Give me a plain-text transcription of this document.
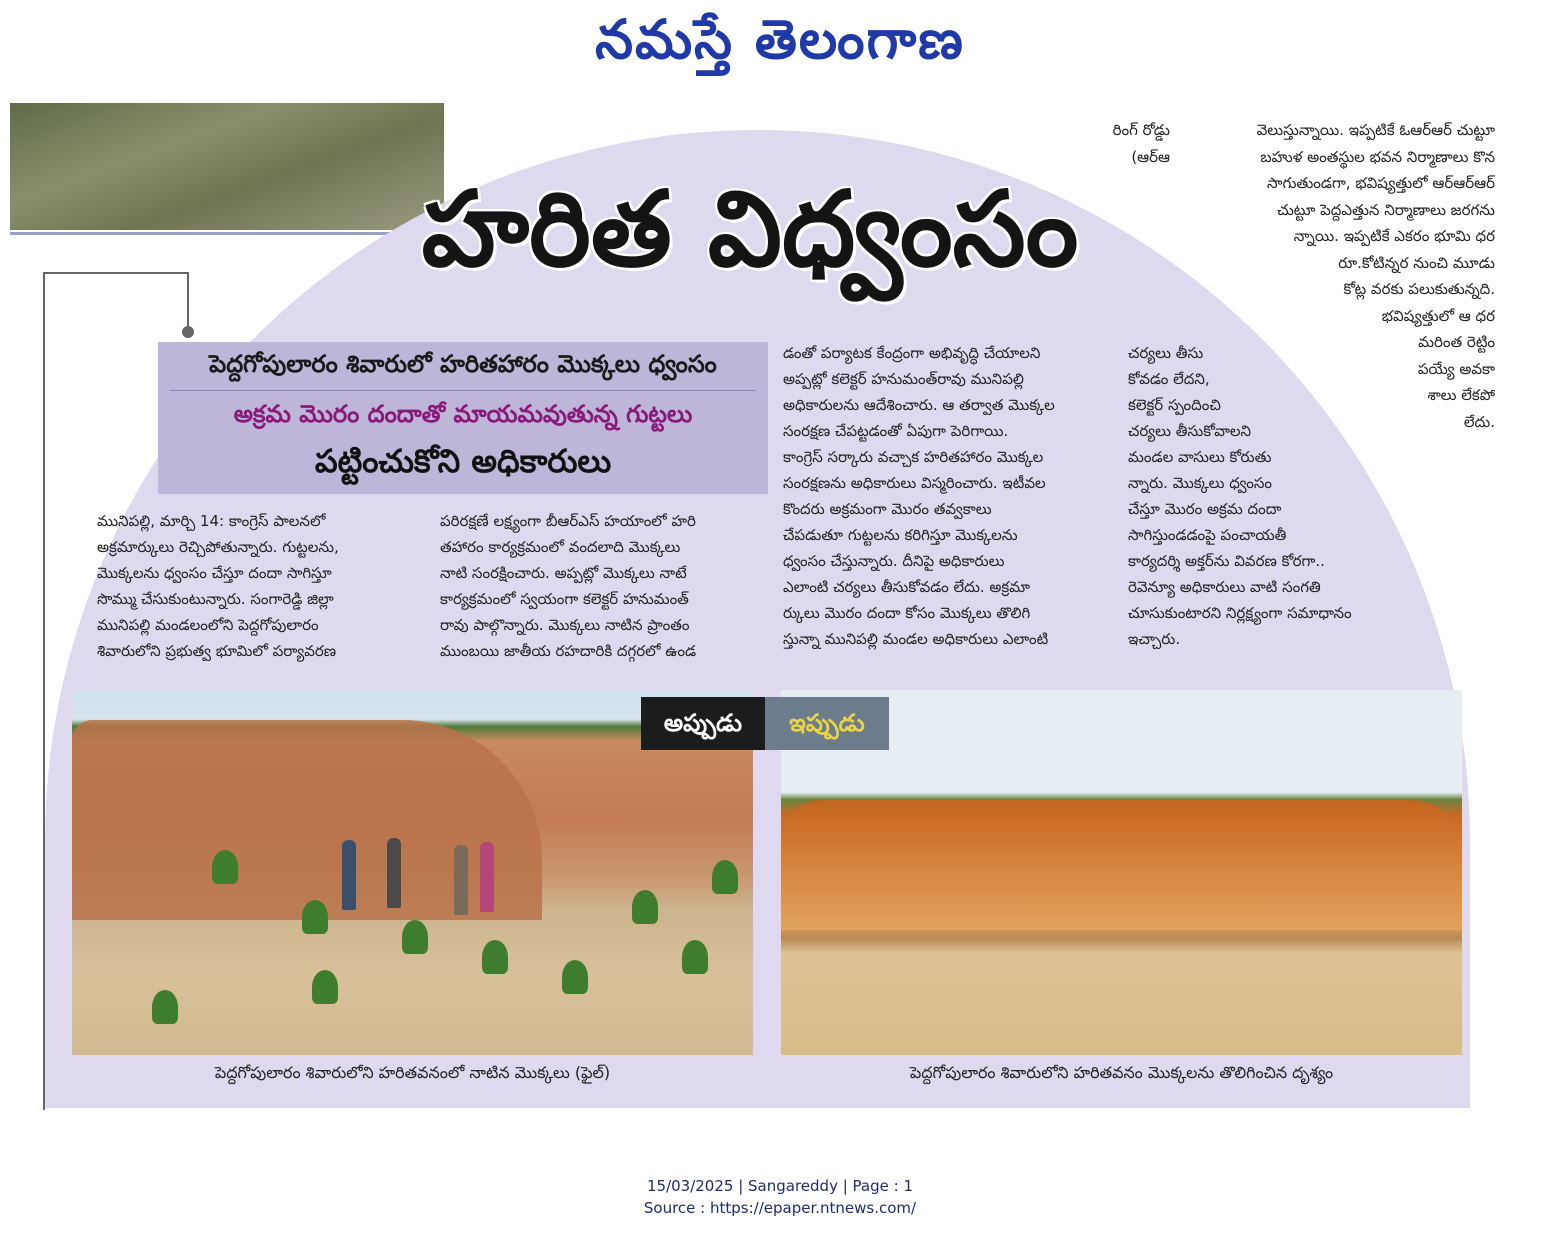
నమస్తే తెలంగాణ
రింగ్ రోడ్డు
(ఆర్‌ఆ
వెలుస్తున్నాయి. ఇప్పటికే ఓఆర్‌ఆర్ చుట్టూ
బహుళ అంతస్థుల భవన నిర్మాణాలు కొన
సాగుతుండగా, భవిష్యత్తులో ఆర్‌ఆర్‌ఆర్
చుట్టూ పెద్దఎత్తున నిర్మాణాలు జరగను
న్నాయి. ఇప్పటికే ఎకరం భూమి ధర
రూ.కోటిన్నర నుంచి మూడు
కోట్ల వరకు పలుకుతున్నది.
భవిష్యత్తులో ఆ ధర
మరింత రెట్టిం
పయ్యే అవకా
శాలు లేకపో
లేదు.
హరిత విధ్వంసం
పెద్దగోపులారం శివారులో హరితహారం మొక్కలు ధ్వంసం
అక్రమ మొరం దందాతో మాయమవుతున్న గుట్టలు
పట్టించుకోని అధికారులు
మునిపల్లి, మార్చి 14: కాంగ్రెస్ పాలనలో
అక్రమార్కులు రెచ్చిపోతున్నారు. గుట్టలను,
మొక్కలను ధ్వంసం చేస్తూ దందా సాగిస్తూ
సొమ్ము చేసుకుంటున్నారు. సంగారెడ్డి జిల్లా
మునిపల్లి మండలంలోని పెద్దగోపులారం
శివారులోని ప్రభుత్వ భూమిలో పర్యావరణ
పరిరక్షణే లక్ష్యంగా బీఆర్‌ఎస్ హయాంలో హరి
తహారం కార్యక్రమంలో వందలాది మొక్కలు
నాటి సంరక్షించారు. అప్పట్లో మొక్కలు నాటే
కార్యక్రమంలో స్వయంగా కలెక్టర్ హనుమంత్
రావు పాల్గొన్నారు. మొక్కలు నాటిన ప్రాంతం
ముంబయి జాతీయ రహదారికి దగ్గరలో ఉండ
డంతో పర్యాటక కేంద్రంగా అభివృద్ధి చేయాలని
అప్పట్లో కలెక్టర్ హనుమంత్‌రావు మునిపల్లి
అధికారులను ఆదేశించారు. ఆ తర్వాత మొక్కల
సంరక్షణ చేపట్టడంతో ఏపుగా పెరిగాయి.
కాంగ్రెస్ సర్కారు వచ్చాక హరితహారం మొక్కల
సంరక్షణను అధికారులు విస్మరించారు. ఇటీవల
కొందరు అక్రమంగా మొరం తవ్వకాలు
చేపడుతూ గుట్టలను కరిగిస్తూ మొక్కలను
ధ్వంసం చేస్తున్నారు. దీనిపై అధికారులు
ఎలాంటి చర్యలు తీసుకోవడం లేదు. అక్రమా
ర్కులు మొరం దందా కోసం మొక్కలు తొలిగి
స్తున్నా మునిపల్లి మండల అధికారులు ఎలాంటి
చర్యలు తీసు
కోవడం లేదని,
కలెక్టర్ స్పందించి
చర్యలు తీసుకోవాలని
మండల వాసులు కోరుతు
న్నారు. మొక్కలు ధ్వంసం
చేస్తూ మొరం అక్రమ దందా
సాగిస్తుండడంపై పంచాయతీ
కార్యదర్శి అక్తర్‌ను వివరణ కోరగా..
రెవెన్యూ అధికారులు వాటి సంగతి
చూసుకుంటారని నిర్లక్ష్యంగా సమాధానం
ఇచ్చారు.
అప్పుడు	ఇప్పుడు
పెద్దగోపులారం శివారులోని హరితవనంలో నాటిన మొక్కలు (ఫైల్)	పెద్దగోపులారం శివారులోని హరితవనం మొక్కలను తొలిగించిన దృశ్యం
15/03/2025 | Sangareddy | Page : 1
Source : https://epaper.ntnews.com/
